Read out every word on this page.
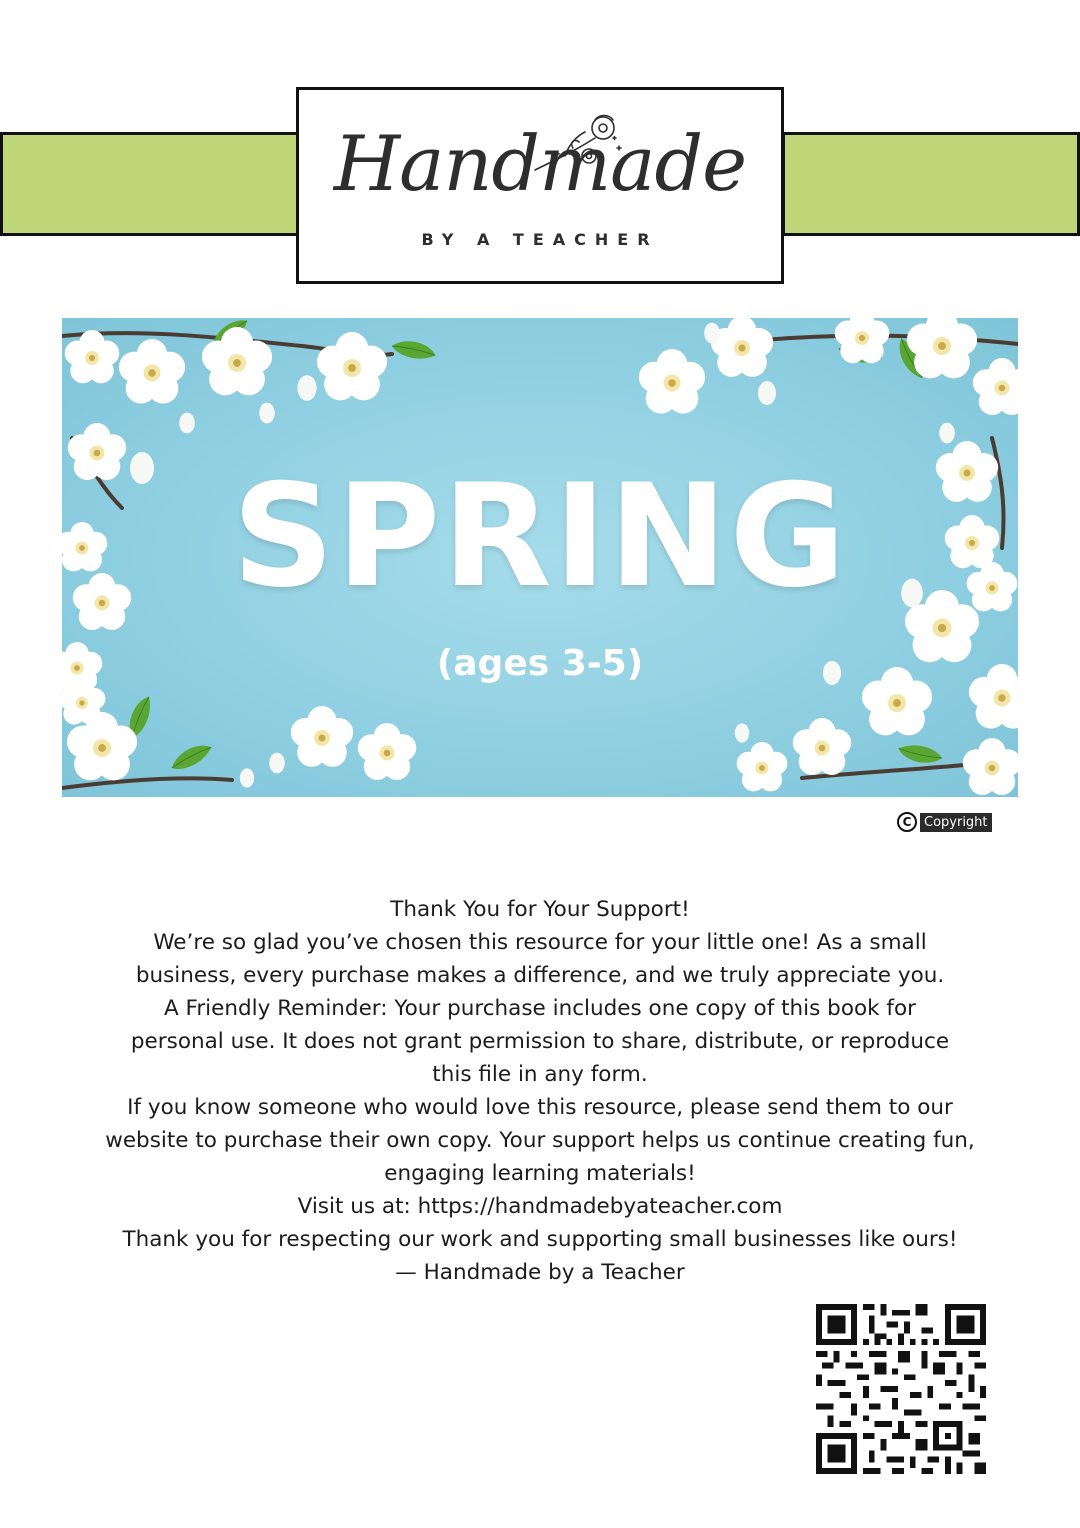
Handmade
BY A TEACHER
SPRING
(ages 3-5)
C Copyright

Thank You for Your Support!

We’re so glad you’ve chosen this resource for your little one! As a small business, every purchase makes a difference, and we truly appreciate you.

A Friendly Reminder: Your purchase includes one copy of this book for personal use. It does not grant permission to share, distribute, or reproduce this file in any form.

If you know someone who would love this resource, please send them to our website to purchase their own copy. Your support helps us continue creating fun, engaging learning materials!

Visit us at: https://handmadebyateacher.com

Thank you for respecting our work and supporting small businesses like ours!

— Handmade by a Teacher
